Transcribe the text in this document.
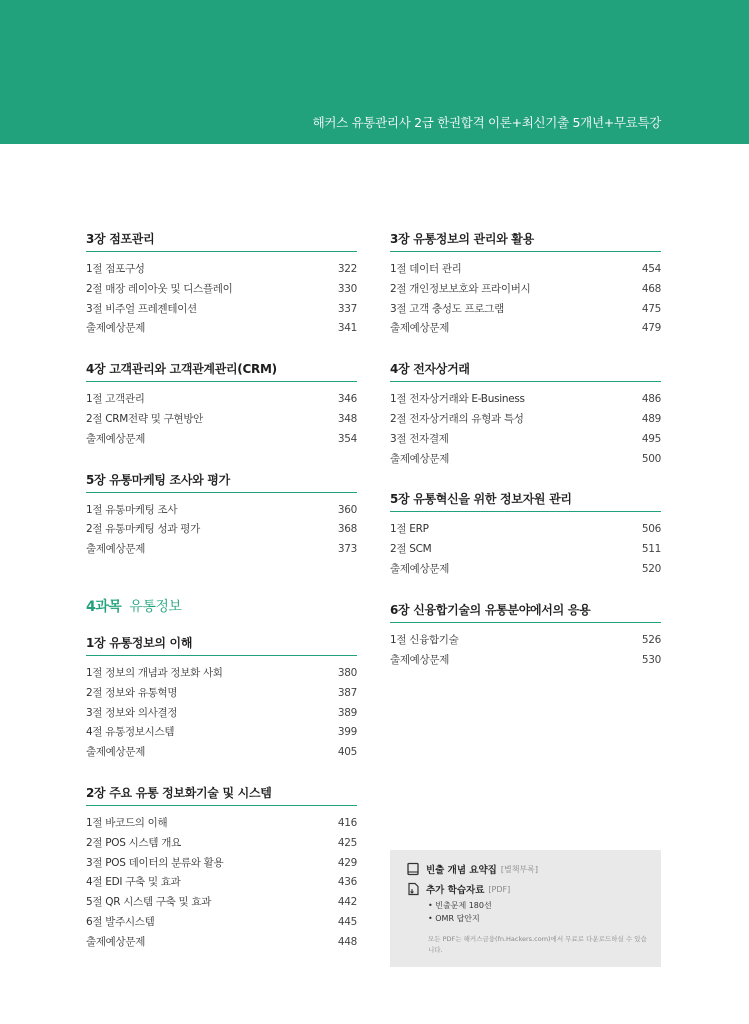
해커스 유통관리사 2급 한권합격 이론+최신기출 5개년+무료특강
3장 점포관리
1절 점포구성	322
2절 매장 레이아웃 및 디스플레이	330
3절 비주얼 프레젠테이션	337
출제예상문제	341
4장 고객관리와 고객관계관리(CRM)
1절 고객관리	346
2절 CRM전략 및 구현방안	348
출제예상문제	354
5장 유통마케팅 조사와 평가
1절 유통마케팅 조사	360
2절 유통마케팅 성과 평가	368
출제예상문제	373
4과목 유통정보
1장 유통정보의 이해
1절 정보의 개념과 정보화 사회	380
2절 정보와 유통혁명	387
3절 정보와 의사결정	389
4절 유통정보시스템	399
출제예상문제	405
2장 주요 유통 정보화기술 및 시스템
1절 바코드의 이해	416
2절 POS 시스템 개요	425
3절 POS 데이터의 분류와 활용	429
4절 EDI 구축 및 효과	436
5절 QR 시스템 구축 및 효과	442
6절 발주시스템	445
출제예상문제	448
3장 유통정보의 관리와 활용
1절 데이터 관리	454
2절 개인정보보호와 프라이버시	468
3절 고객 충성도 프로그램	475
출제예상문제	479
4장 전자상거래
1절 전자상거래와 E-Business	486
2절 전자상거래의 유형과 특성	489
3절 전자결제	495
출제예상문제	500
5장 유통혁신을 위한 정보자원 관리
1절 ERP	506
2절 SCM	511
출제예상문제	520
6장 신융합기술의 유통분야에서의 응용
1절 신융합기술	526
출제예상문제	530
빈출 개념 요약집 [별책부록]
추가 학습자료 [PDF]
• 빈출문제 180선
• OMR 답안지
모든 PDF는 해커스금융(fn.Hackers.com)에서 무료로 다운로드하실 수 있습니다.
